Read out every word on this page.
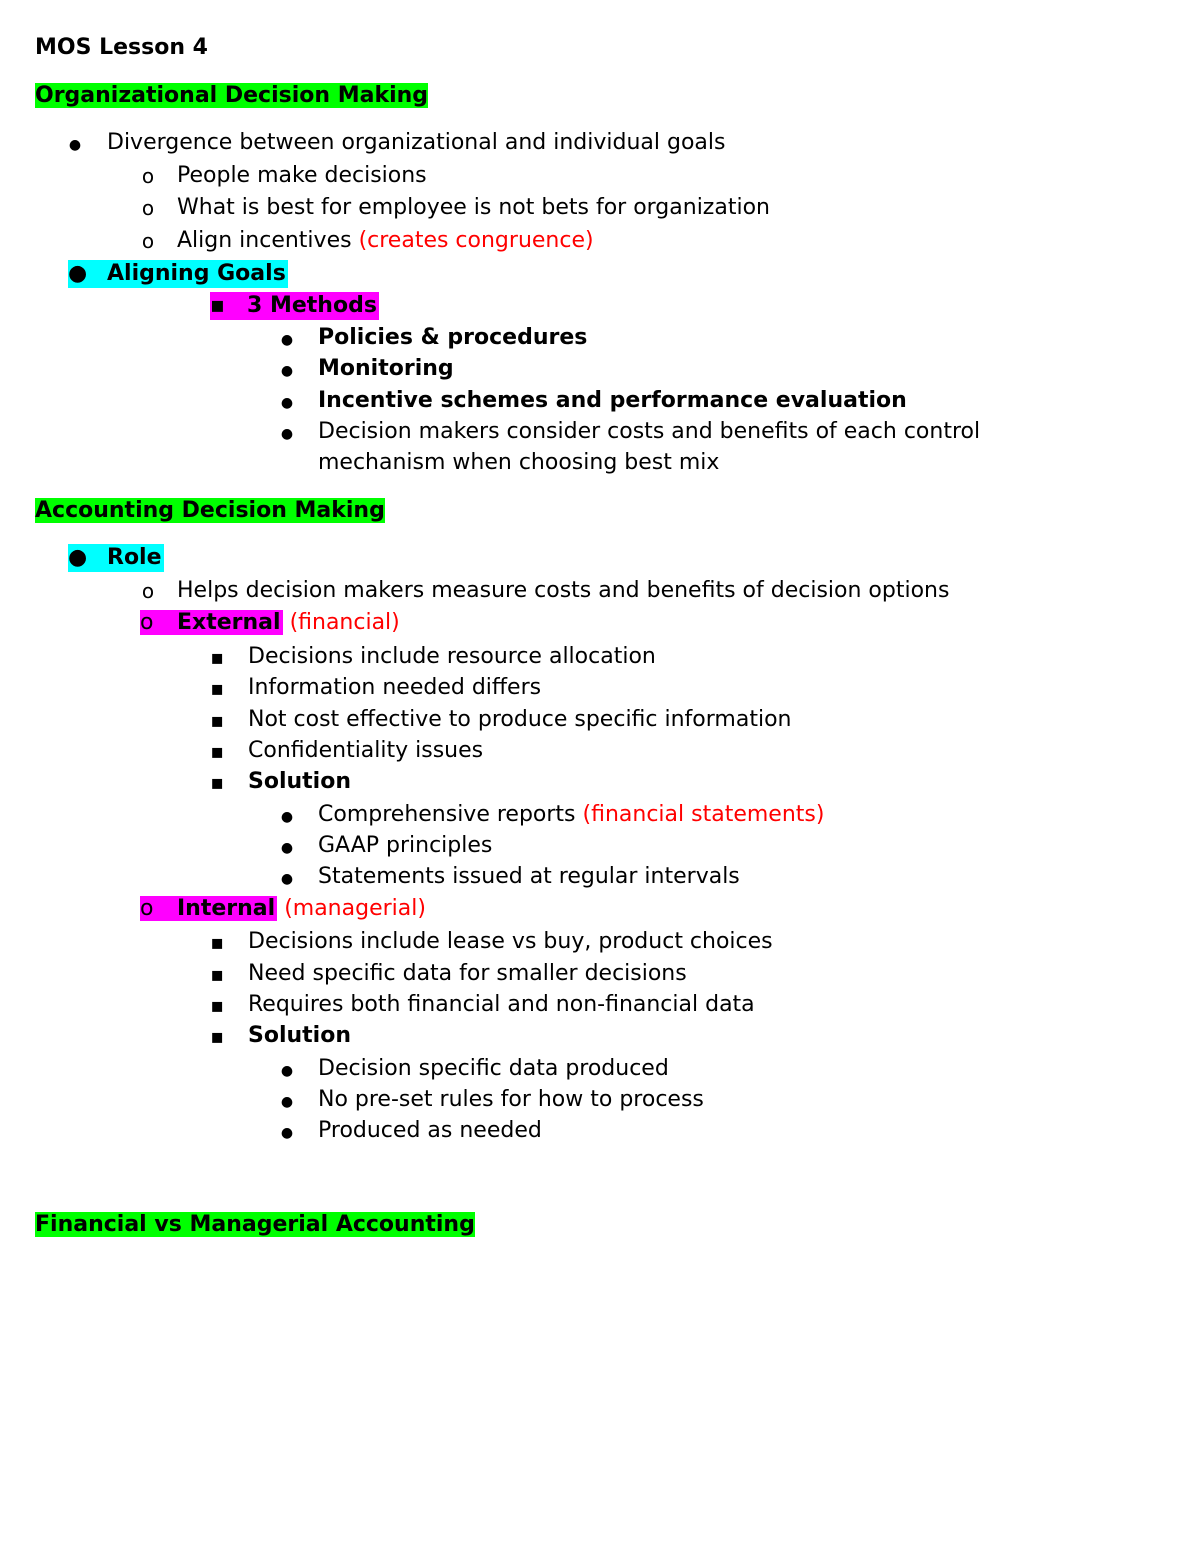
MOS Lesson 4
Organizational Decision Making
●
Divergence between organizational and individual goals
o
People make decisions
o
What is best for employee is not bets for organization
o
Align incentives (creates congruence)
● Aligning Goals
▪ 3 Methods
●
Policies & procedures
●
Monitoring
●
Incentive schemes and performance evaluation
●
Decision makers consider costs and benefits of each control
mechanism when choosing best mix
Accounting Decision Making
● Role
o
Helps decision makers measure costs and benefits of decision options
o External (financial)
▪
Decisions include resource allocation
▪
Information needed differs
▪
Not cost effective to produce specific information
▪
Confidentiality issues
▪
Solution
●
Comprehensive reports (financial statements)
●
GAAP principles
●
Statements issued at regular intervals
o Internal (managerial)
▪
Decisions include lease vs buy, product choices
▪
Need specific data for smaller decisions
▪
Requires both financial and non-financial data
▪
Solution
●
Decision specific data produced
●
No pre-set rules for how to process
●
Produced as needed
Financial vs Managerial Accounting
